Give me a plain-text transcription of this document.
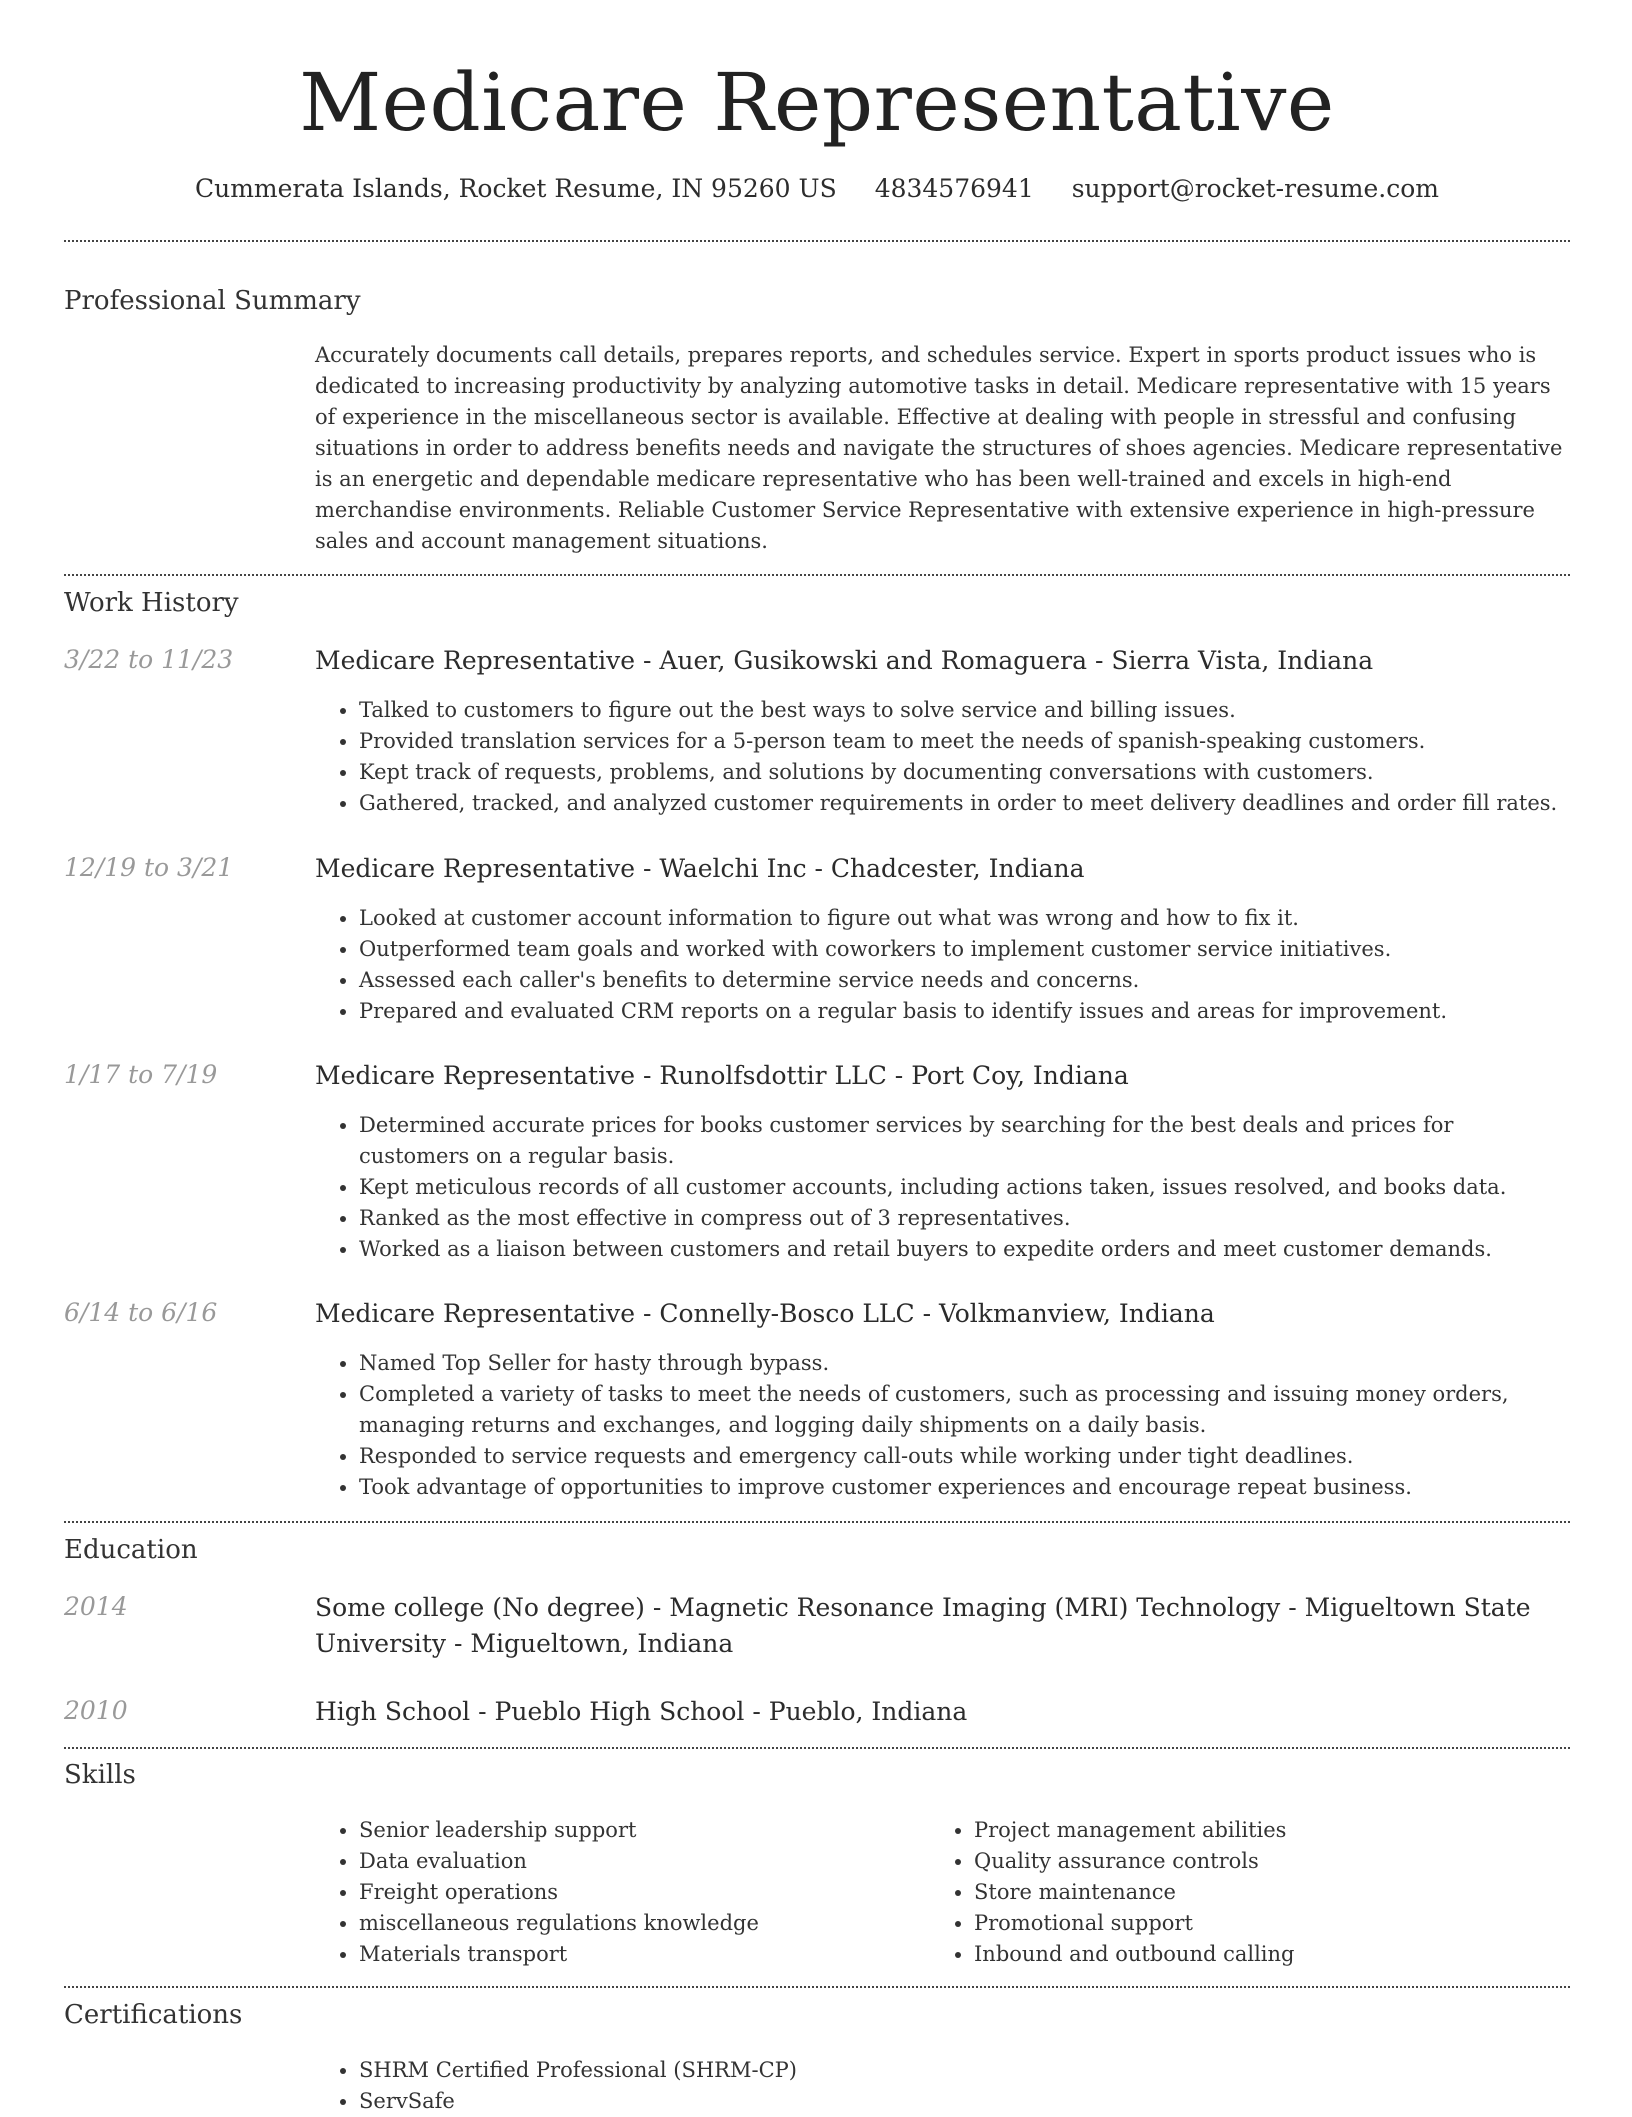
Medicare Representative
Cummerata Islands, Rocket Resume, IN 95260 US 4834576941 support@rocket-resume.com
Professional Summary
Accurately documents call details, prepares reports, and schedules service. Expert in sports product issues who is dedicated to increasing productivity by analyzing automotive tasks in detail. Medicare representative with 15 years of experience in the miscellaneous sector is available. Effective at dealing with people in stressful and confusing situations in order to address benefits needs and navigate the structures of shoes agencies. Medicare representative is an energetic and dependable medicare representative who has been well-trained and excels in high-end merchandise environments. Reliable Customer Service Representative with extensive experience in high-pressure sales and account management situations.
Work History
3/22 to 11/23	Medicare Representative - Auer, Gusikowski and Romaguera - Sierra Vista, Indiana
• Talked to customers to figure out the best ways to solve service and billing issues.
• Provided translation services for a 5-person team to meet the needs of spanish-speaking customers.
• Kept track of requests, problems, and solutions by documenting conversations with customers.
• Gathered, tracked, and analyzed customer requirements in order to meet delivery deadlines and order fill rates.
12/19 to 3/21	Medicare Representative - Waelchi Inc - Chadcester, Indiana
• Looked at customer account information to figure out what was wrong and how to fix it.
• Outperformed team goals and worked with coworkers to implement customer service initiatives.
• Assessed each caller's benefits to determine service needs and concerns.
• Prepared and evaluated CRM reports on a regular basis to identify issues and areas for improvement.
1/17 to 7/19	Medicare Representative - Runolfsdottir LLC - Port Coy, Indiana
• Determined accurate prices for books customer services by searching for the best deals and prices for customers on a regular basis.
• Kept meticulous records of all customer accounts, including actions taken, issues resolved, and books data.
• Ranked as the most effective in compress out of 3 representatives.
• Worked as a liaison between customers and retail buyers to expedite orders and meet customer demands.
6/14 to 6/16	Medicare Representative - Connelly-Bosco LLC - Volkmanview, Indiana
• Named Top Seller for hasty through bypass.
• Completed a variety of tasks to meet the needs of customers, such as processing and issuing money orders, managing returns and exchanges, and logging daily shipments on a daily basis.
• Responded to service requests and emergency call-outs while working under tight deadlines.
• Took advantage of opportunities to improve customer experiences and encourage repeat business.
Education
2014	Some college (No degree) - Magnetic Resonance Imaging (MRI) Technology - Migueltown State University - Migueltown, Indiana
2010	High School - Pueblo High School - Pueblo, Indiana
Skills
• Senior leadership support
• Data evaluation
• Freight operations
• miscellaneous regulations knowledge
• Materials transport
• Project management abilities
• Quality assurance controls
• Store maintenance
• Promotional support
• Inbound and outbound calling
Certifications
• SHRM Certified Professional (SHRM-CP)
• ServSafe
